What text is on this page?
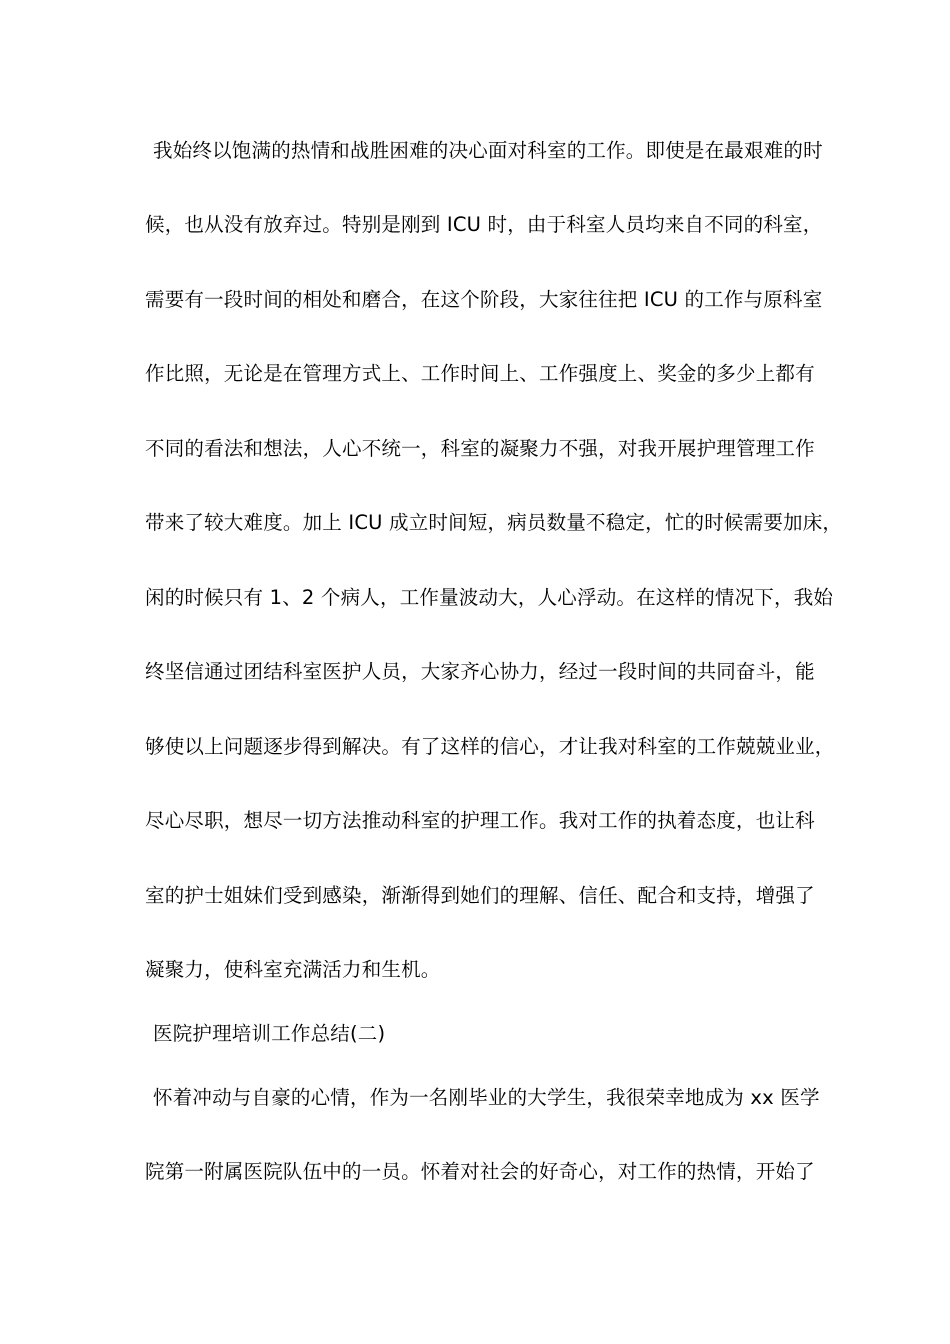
我始终以饱满的热情和战胜困难的决心面对科室的工作。即使是在最艰难的时
候，也从没有放弃过。特别是刚到 ICU 时，由于科室人员均来自不同的科室，
需要有一段时间的相处和磨合，在这个阶段，大家往往把 ICU 的工作与原科室
作比照，无论是在管理方式上、工作时间上、工作强度上、奖金的多少上都有
不同的看法和想法，人心不统一，科室的凝聚力不强，对我开展护理管理工作
带来了较大难度。加上 ICU 成立时间短，病员数量不稳定，忙的时候需要加床，
闲的时候只有 1、2 个病人，工作量波动大，人心浮动。在这样的情况下，我始
终坚信通过团结科室医护人员，大家齐心协力，经过一段时间的共同奋斗，能
够使以上问题逐步得到解决。有了这样的信心，才让我对科室的工作兢兢业业，
尽心尽职，想尽一切方法推动科室的护理工作。我对工作的执着态度，也让科
室的护士姐妹们受到感染，渐渐得到她们的理解、信任、配合和支持，增强了
凝聚力，使科室充满活力和生机。
医院护理培训工作总结(二)
怀着冲动与自豪的心情，作为一名刚毕业的大学生，我很荣幸地成为 xx 医学
院第一附属医院队伍中的一员。怀着对社会的好奇心，对工作的热情，开始了
